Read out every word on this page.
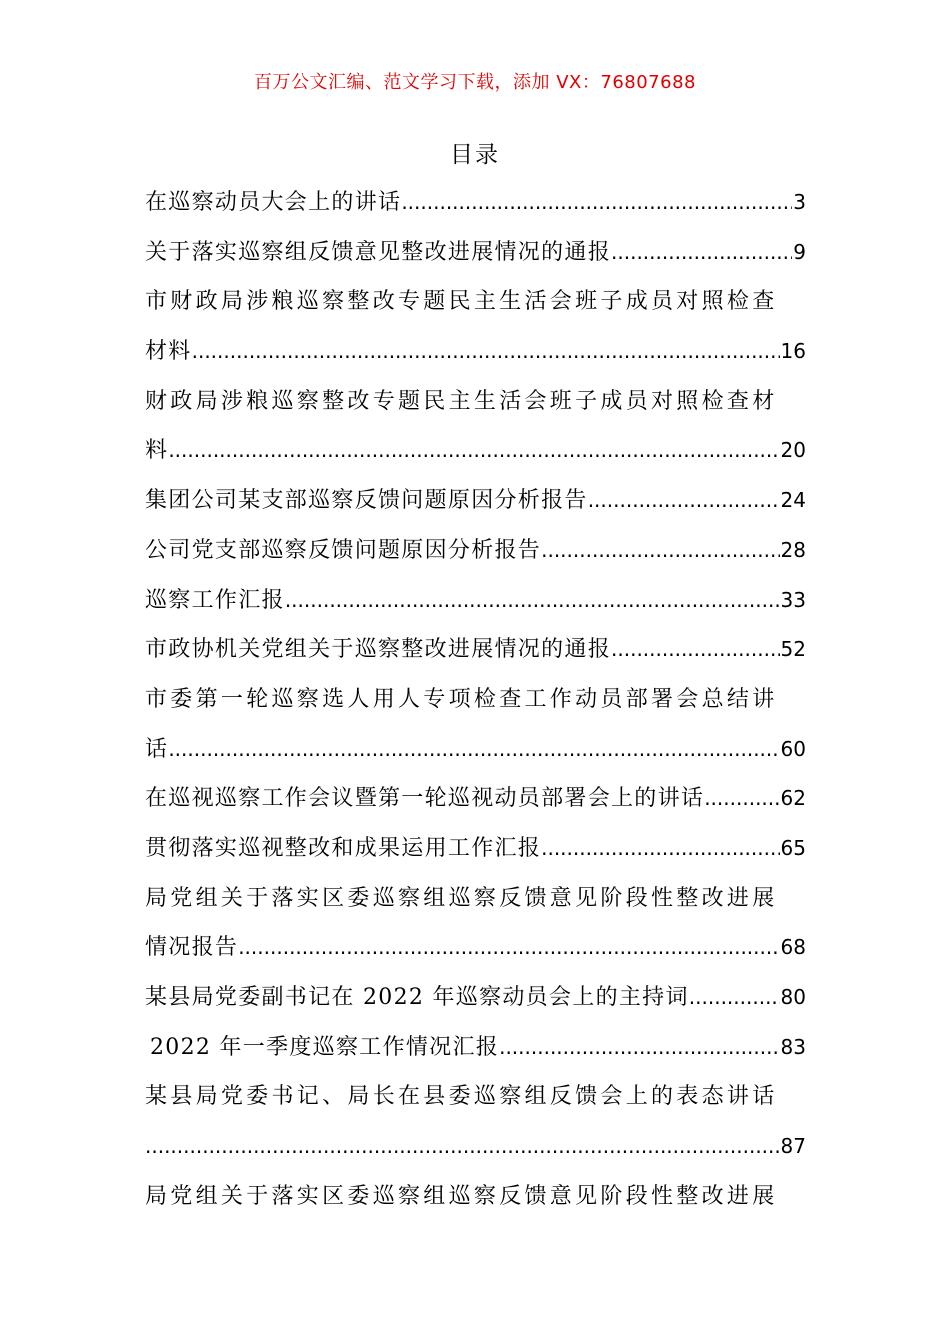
百万公文汇编、范文学习下载，添加 VX：76807688
目录
在巡察动员大会上的讲话 .....	3
关于落实巡察组反馈意见整改进展情况的通报 .....	9
市财政局涉粮巡察整改专题民主生活会班子成员对照检查
材料 .....	16
财政局涉粮巡察整改专题民主生活会班子成员对照检查材
料 .....	20
集团公司某支部巡察反馈问题原因分析报告 .....	24
公司党支部巡察反馈问题原因分析报告 .....	28
巡察工作汇报 .....	33
市政协机关党组关于巡察整改进展情况的通报 .....	52
市委第一轮巡察选人用人专项检查工作动员部署会总结讲
话 .....	60
在巡视巡察工作会议暨第一轮巡视动员部署会上的讲话 .....	62
贯彻落实巡视整改和成果运用工作汇报 .....	65
局党组关于落实区委巡察组巡察反馈意见阶段性整改进展
情况报告 .....	68
某县局党委副书记在 2022 年巡察动员会上的主持词 .....	80
2022 年一季度巡察工作情况汇报 .....	83
某县局党委书记、局长在县委巡察组反馈会上的表态讲话
.....
87
局党组关于落实区委巡察组巡察反馈意见阶段性整改进展
